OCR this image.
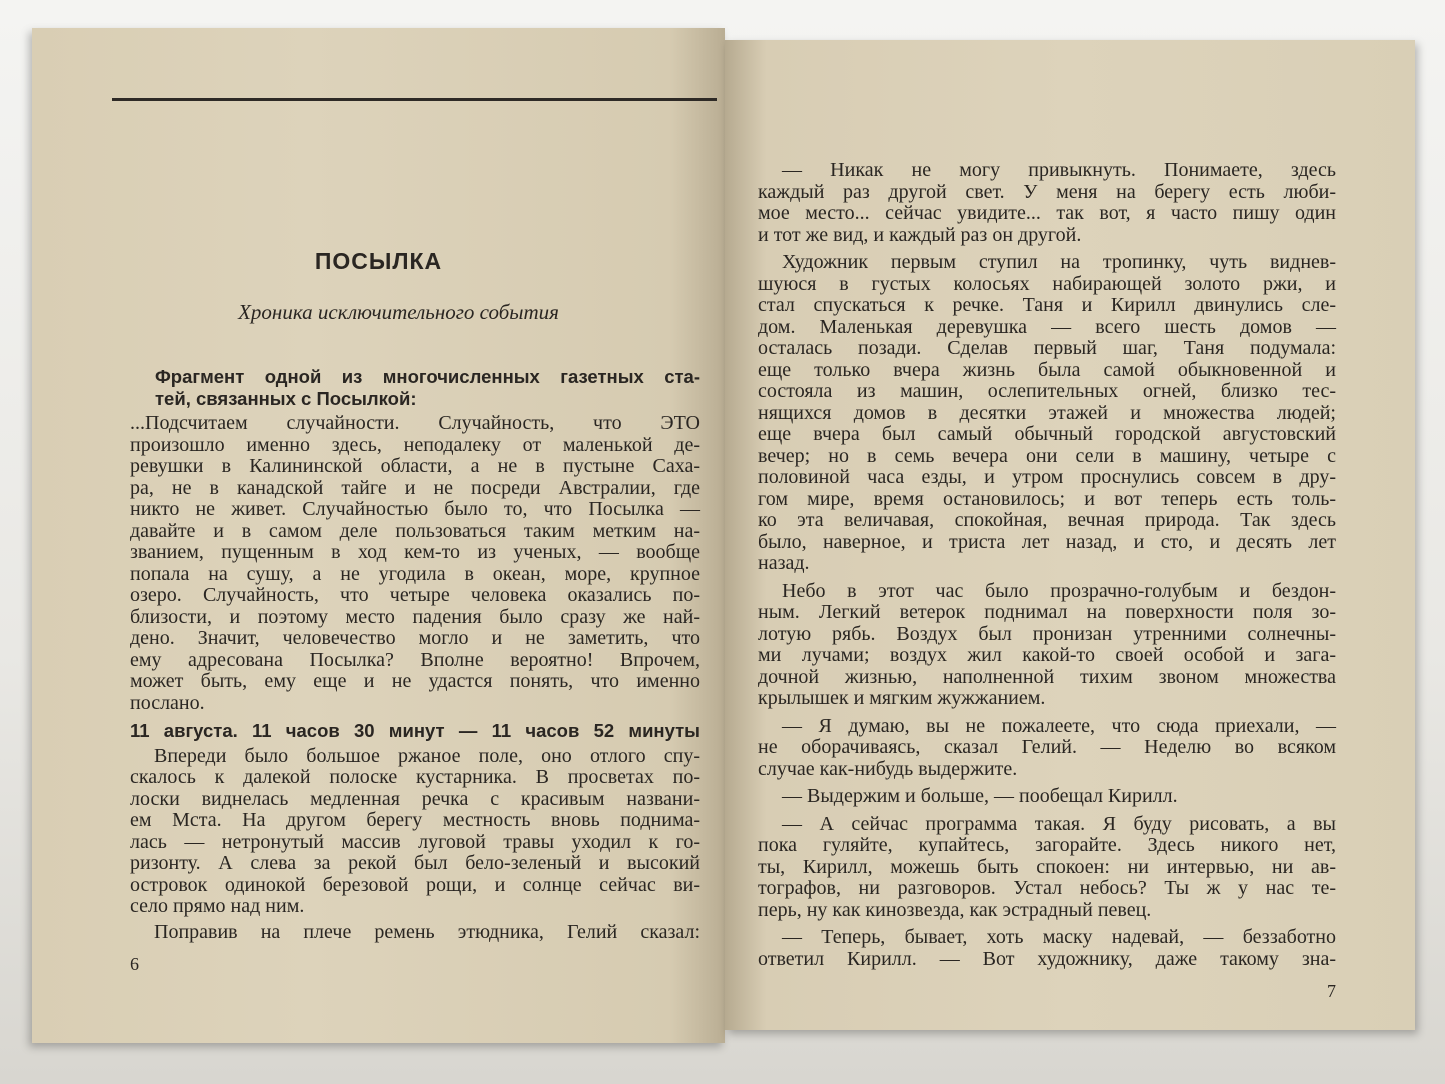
ПОСЫЛКА
Хроника исключительного события
Фрагмент одной из многочисленных газетных ста-
тей, связанных с Посылкой:
...Подсчитаем случайности. Случайность, что ЭТО
произошло именно здесь, неподалеку от маленькой де-
ревушки в Калининской области, а не в пустыне Саха-
ра, не в канадской тайге и не посреди Австралии, где
никто не живет. Случайностью было то, что Посылка —
давайте и в самом деле пользоваться таким метким на-
званием, пущенным в ход кем-то из ученых, — вообще
попала на сушу, а не угодила в океан, море, крупное
озеро. Случайность, что четыре человека оказались по-
близости, и поэтому место падения было сразу же най-
дено. Значит, человечество могло и не заметить, что
ему адресована Посылка? Вполне вероятно! Впрочем,
может быть, ему еще и не удастся понять, что именно
послано.
11 августа. 11 часов 30 минут — 11 часов 52 минуты
Впереди было большое ржаное поле, оно отлого спу-
скалось к далекой полоске кустарника. В просветах по-
лоски виднелась медленная речка с красивым названи-
ем Мста. На другом берегу местность вновь поднима-
лась — нетронутый массив луговой травы уходил к го-
ризонту. А слева за рекой был бело-зеленый и высокий
островок одинокой березовой рощи, и солнце сейчас ви-
село прямо над ним.
Поправив на плече ремень этюдника, Гелий сказал:
6
— Никак не могу привыкнуть. Понимаете, здесь
каждый раз другой свет. У меня на берегу есть люби-
мое место... сейчас увидите... так вот, я часто пишу один
и тот же вид, и каждый раз он другой.
Художник первым ступил на тропинку, чуть виднев-
шуюся в густых колосьях набирающей золото ржи, и
стал спускаться к речке. Таня и Кирилл двинулись сле-
дом. Маленькая деревушка — всего шесть домов —
осталась позади. Сделав первый шаг, Таня подумала:
еще только вчера жизнь была самой обыкновенной и
состояла из машин, ослепительных огней, близко тес-
нящихся домов в десятки этажей и множества людей;
еще вчера был самый обычный городской августовский
вечер; но в семь вечера они сели в машину, четыре с
половиной часа езды, и утром проснулись совсем в дру-
гом мире, время остановилось; и вот теперь есть толь-
ко эта величавая, спокойная, вечная природа. Так здесь
было, наверное, и триста лет назад, и сто, и десять лет
назад.
Небо в этот час было прозрачно-голубым и бездон-
ным. Легкий ветерок поднимал на поверхности поля зо-
лотую рябь. Воздух был пронизан утренними солнечны-
ми лучами; воздух жил какой-то своей особой и зага-
дочной жизнью, наполненной тихим звоном множества
крылышек и мягким жужжанием.
— Я думаю, вы не пожалеете, что сюда приехали, —
не оборачиваясь, сказал Гелий. — Неделю во всяком
случае как-нибудь выдержите.
— Выдержим и больше, — пообещал Кирилл.
— А сейчас программа такая. Я буду рисовать, а вы
пока гуляйте, купайтесь, загорайте. Здесь никого нет,
ты, Кирилл, можешь быть спокоен: ни интервью, ни ав-
тографов, ни разговоров. Устал небось? Ты ж у нас те-
перь, ну как кинозвезда, как эстрадный певец.
— Теперь, бывает, хоть маску надевай, — беззаботно
ответил Кирилл. — Вот художнику, даже такому зна-
7
